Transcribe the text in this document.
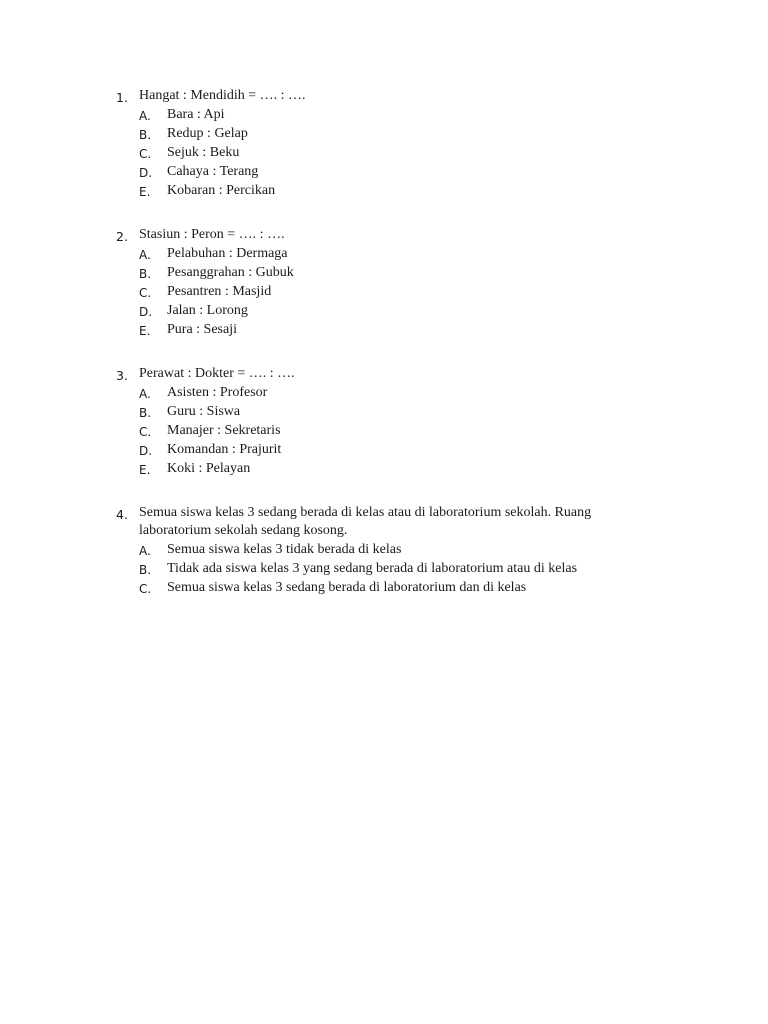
1. Hangat : Mendidih = …. : ….
A. Bara : Api
B. Redup : Gelap
C. Sejuk : Beku
D. Cahaya : Terang
E. Kobaran : Percikan
2. Stasiun : Peron = …. : ….
A. Pelabuhan : Dermaga
B. Pesanggrahan : Gubuk
C. Pesantren : Masjid
D. Jalan : Lorong
E. Pura : Sesaji
3. Perawat : Dokter = …. : ….
A. Asisten : Profesor
B. Guru : Siswa
C. Manajer : Sekretaris
D. Komandan : Prajurit
E. Koki : Pelayan
4. Semua siswa kelas 3 sedang berada di kelas atau di laboratorium sekolah. Ruang laboratorium sekolah sedang kosong.
A. Semua siswa kelas 3 tidak berada di kelas
B. Tidak ada siswa kelas 3 yang sedang berada di laboratorium atau di kelas
C. Semua siswa kelas 3 sedang berada di laboratorium dan di kelas
